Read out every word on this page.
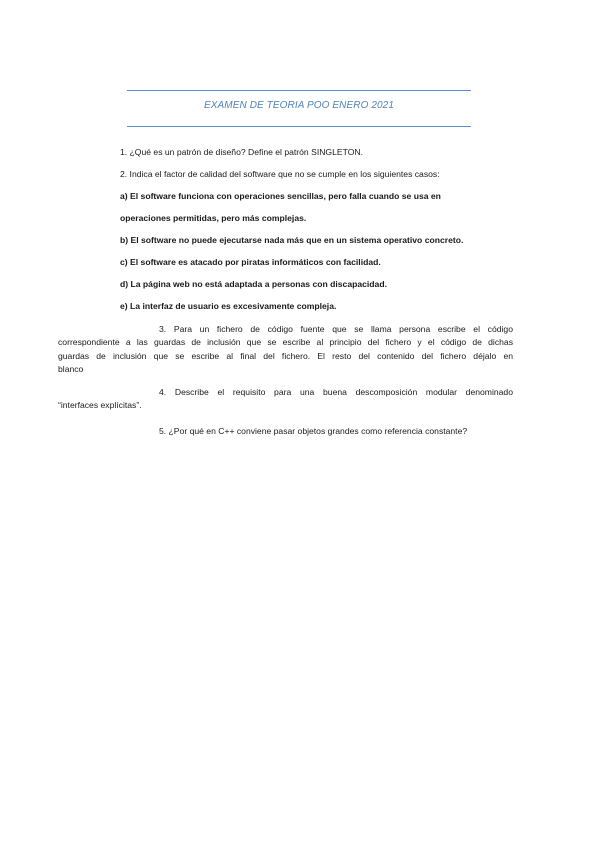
EXAMEN DE TEORIA POO ENERO 2021
1. ¿Qué es un patrón de diseño? Define el patrón SINGLETON.
2. Indica el factor de calidad del software que no se cumple en los siguientes casos:
a) El software funciona con operaciones sencillas, pero falla cuando se usa en
operaciones permitidas, pero más complejas.
b) El software no puede ejecutarse nada más que en un sistema operativo concreto.
c) El software es atacado por piratas informáticos con facilidad.
d) La página web no está adaptada a personas con discapacidad.
e) La interfaz de usuario es excesivamente compleja.
3. Para un fichero de código fuente que se llama persona escribe el código
correspondiente a las guardas de inclusión que se escribe al principio del fichero y el código de dichas
guardas de inclusión que se escribe al final del fichero. El resto del contenido del fichero déjalo en
blanco
4. Describe el requisito para una buena descomposición modular denominado
“interfaces explícitas”.
5. ¿Por qué en C++ conviene pasar objetos grandes como referencia constante?
